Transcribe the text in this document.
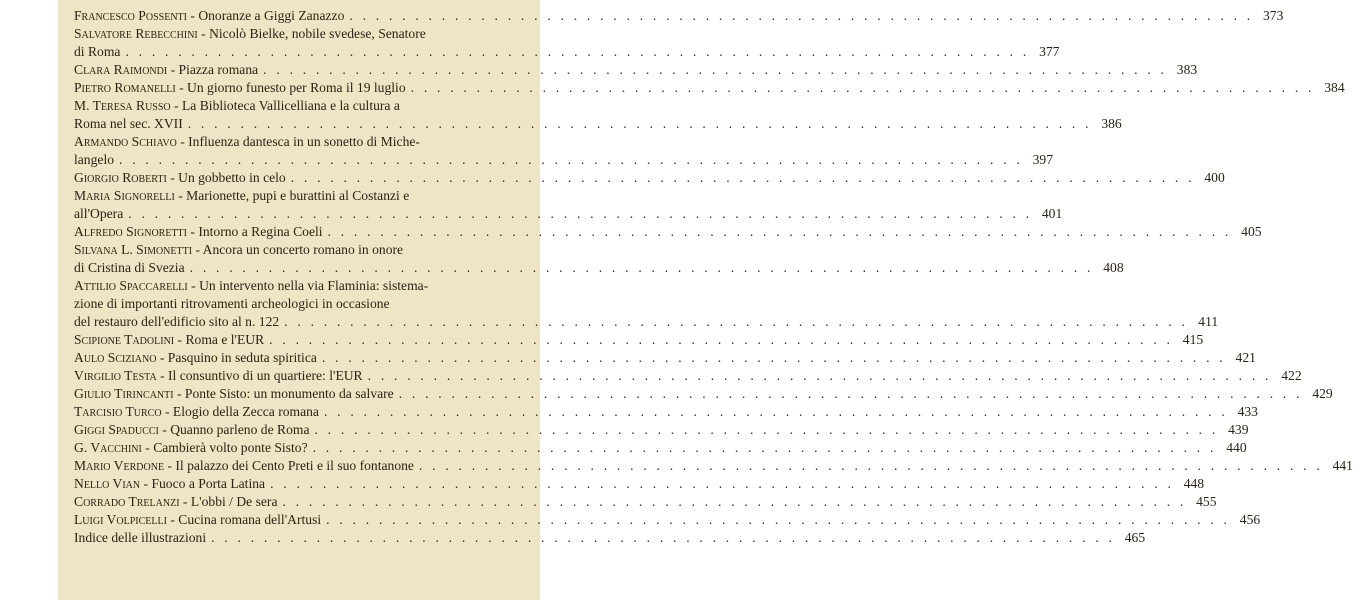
Francesco Possenti - Onoranze a Giggi Zanazzo . . .	373
Salvatore Rebecchini - Nicolò Bielke, nobile svedese, Senatore
di Roma . . .	377
Clara Raimondi - Piazza romana . . .	383
Pietro Romanelli - Un giorno funesto per Roma il 19 luglio . . .	384
M. Teresa Russo - La Biblioteca Vallicelliana e la cultura a
Roma nel sec. XVII . . .	386
Armando Schiavo - Influenza dantesca in un sonetto di Miche-
langelo . . .	397
Giorgio Roberti - Un gobbetto in celo . . .	400
Maria Signorelli - Marionette, pupi e burattini al Costanzi e
all'Opera . . .	401
Alfredo Signoretti - Intorno a Regina Coeli . . .	405
Silvana L. Simonetti - Ancora un concerto romano in onore
di Cristina di Svezia . . .	408
Attilio Spaccarelli - Un intervento nella via Flaminia: sistema-
zione di importanti ritrovamenti archeologici in occasione
del restauro dell'edificio sito al n. 122 . . .	411
Scipione Tadolini - Roma e l'EUR . . .	415
Aulo Sciziano - Pasquino in seduta spiritica . . .	421
Virgilio Testa - Il consuntivo di un quartiere: l'EUR . . .	422
Giulio Tirincanti - Ponte Sisto: un monumento da salvare . . .	429
Tarcisio Turco - Elogio della Zecca romana . . .	433
Giggi Spaducci - Quanno parleno de Roma . . .	439
G. Vacchini - Cambierà volto ponte Sisto? . . .	440
Mario Verdone - Il palazzo dei Cento Preti e il suo fontanone . . .	441
Nello Vian - Fuoco a Porta Latina . . .	448
Corrado Trelanzi - L'obbi / De sera . . .	455
Luigi Volpicelli - Cucina romana dell'Artusi . . .	456
Indice delle illustrazioni . . .	465
